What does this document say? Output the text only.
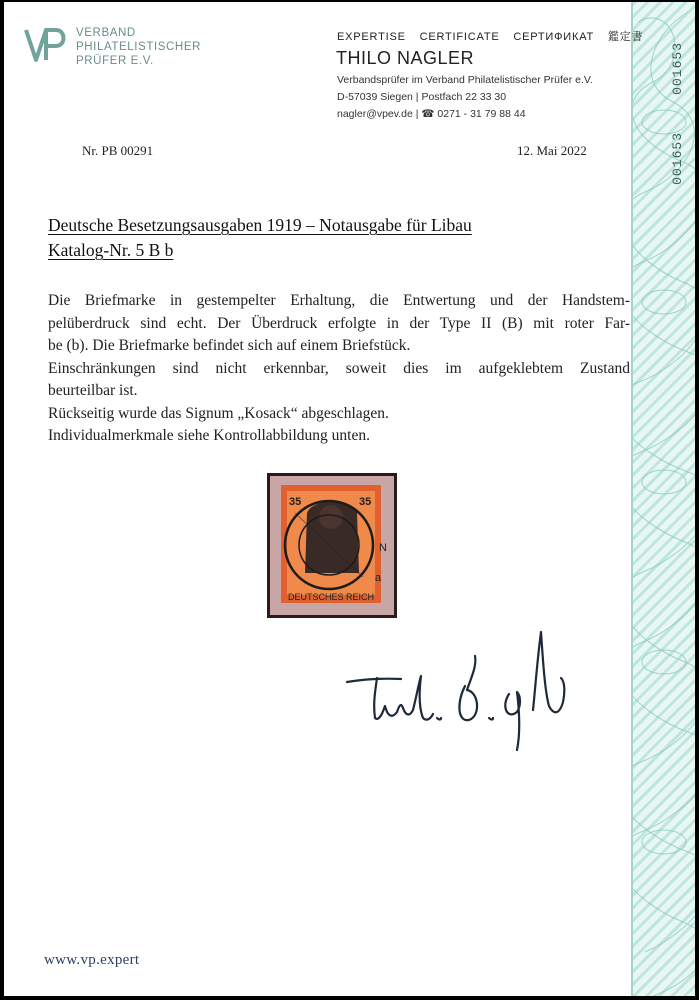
001653
001653
VERBAND
PHILATELISTISCHER
PRÜFER E.V.
EXPERTISE CERTIFICATE СЕРТИФИКАТ 鑑定書
THILO NAGLER
Verbandsprüfer im Verband Philatelistischer Prüfer e.V.
D-57039 Siegen | Postfach 22 33 30
nagler@vpev.de | ☎ 0271 - 31 79 88 44
Nr. PB 00291	12. Mai 2022
Deutsche Besetzungsausgaben 1919 – Notausgabe für Libau
Katalog-Nr. 5 B b

Die Briefmarke in gestempelter Erhaltung, die Entwertung und der Handstem-

pelüberdruck sind echt. Der Überdruck erfolgte in der Type II (B) mit roter Far-

be (b). Die Briefmarke befindet sich auf einem Briefstück.

Einschränkungen sind nicht erkennbar, soweit dies im aufgeklebtem Zustand

beurteilbar ist.

Rückseitig wurde das Signum „Kosack“ abgeschlagen.

Individualmerkmale siehe Kontrollabbildung unten.

35	35
DEUTSCHES REICH
N
a
www.vp.expert
